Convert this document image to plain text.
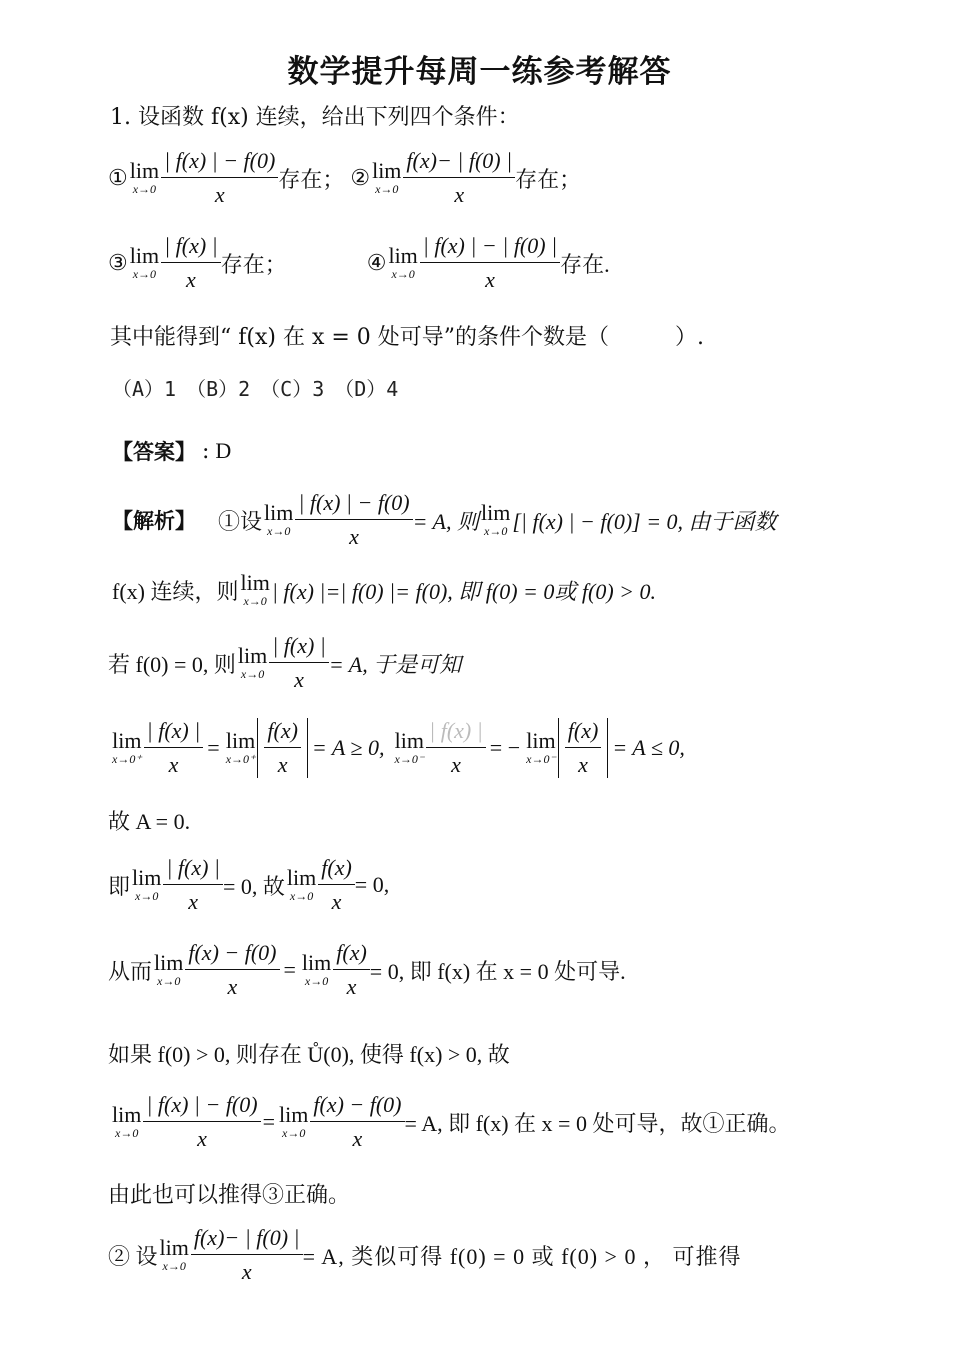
数学提升每周一练参考解答
1. 设函数 f(x) 连续，给出下列四个条件：
① lim
$x\to 0 \frac{| f(x) | - f(0)}{x}$ 存在； ② lim
$x\to 0 \frac{f(x)- | f(0) |}{x}$ 存在；
③ lim
$x\to 0 \frac{| f(x) |}{x}$ 存在；	④ lim
$x\to 0 \frac{| f(x) | - | f(0) |}{x}$ 存在.
其中能得到“ f(x) 在 x = 0 处可导”的条件个数是（　　　）.
（A）1　（B）2　（C）3　（D）4
【答案】 : D
【解析】 ①设 lim
$x\to 0 \frac{| f(x) | - f(0)}{x} = A$, 则 lim
x→0 [| f(x) | − f(0)] = 0, 由于函数
f(x) 连续，则 lim
x→0 | f(x) |=| f(0) |= f(0), 即 f(0) = 0或 f(0) > 0.
若 f(0) = 0, 则 lim
$x\to 0 \frac{| f(x) |}{x} = A$, 于是可知
lim
$x\to 0^+ \frac{| f(x) |}{x} = \lim$
$x\to 0^+ \frac{f(x)}{x} = A \ge 0$, lim
$x\to 0^- \frac{| f(x) |}{x}$ = − lim
$x\to 0^- \frac{f(x)}{x} = A \le 0$,
故 A = 0.
即 lim
$x\to 0 \frac{| f(x) |}{x} = 0$, 故 lim
$x\to 0 \frac{f(x)}{x} = 0$,
从而 lim
$x\to 0 \frac{f(x) - f(0)}{x} = \lim$
$x\to 0 \frac{f(x)}{x} = 0$, 即 f(x) 在 x = 0 处可导.
如果 f(0) > 0, 则存在 Ů(0), 使得 f(x) > 0, 故
lim
$x\to 0 \frac{| f(x) | - f(0)}{x} = \lim$
$x\to 0 \frac{f(x) - f(0)}{x} = A$, 即 f(x) 在 x = 0 处可导，故①正确。
由此也可以推得③正确。
② 设 lim
$x\to 0 \frac{f(x)- | f(0) |}{x} = A$, 类似可得 f(0) = 0 或 f(0) > 0 ， 可推得
